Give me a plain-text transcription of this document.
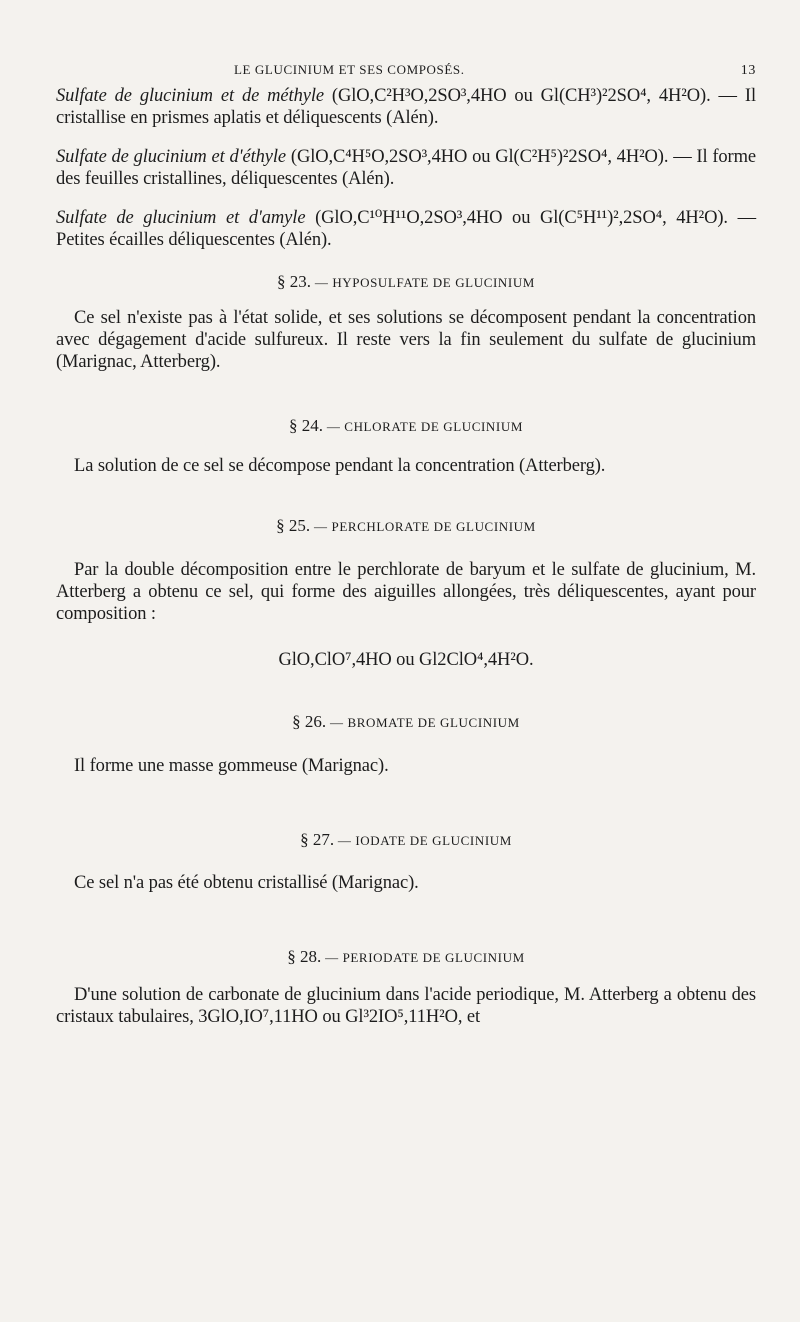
LE GLUCINIUM ET SES COMPOSÉS.	13

Sulfate de glucinium et de méthyle (GlO,C²H³O,2SO³,4HO ou Gl(CH³)²2SO⁴, 4H²O). — Il cristallise en prismes aplatis et déliquescents (Alén).

Sulfate de glucinium et d'éthyle (GlO,C⁴H⁵O,2SO³,4HO ou Gl(C²H⁵)²2SO⁴, 4H²O). — Il forme des feuilles cristallines, déliquescentes (Alén).

Sulfate de glucinium et d'amyle (GlO,C¹⁰H¹¹O,2SO³,4HO ou Gl(C⁵H¹¹)²,2SO⁴, 4H²O). — Petites écailles déliquescentes (Alén).

§ 23. — HYPOSULFATE DE GLUCINIUM

Ce sel n'existe pas à l'état solide, et ses solutions se décomposent pendant la concentration avec dégagement d'acide sulfureux. Il reste vers la fin seulement du sulfate de glucinium (Marignac, Atterberg).

§ 24. — CHLORATE DE GLUCINIUM

La solution de ce sel se décompose pendant la concentration (Atterberg).

§ 25. — PERCHLORATE DE GLUCINIUM

Par la double décomposition entre le perchlorate de baryum et le sulfate de glucinium, M. Atterberg a obtenu ce sel, qui forme des aiguilles allongées, très déliquescentes, ayant pour composition :

GlO,ClO⁷,4HO ou Gl2ClO⁴,4H²O.

§ 26. — BROMATE DE GLUCINIUM

Il forme une masse gommeuse (Marignac).

§ 27. — IODATE DE GLUCINIUM

Ce sel n'a pas été obtenu cristallisé (Marignac).

§ 28. — PERIODATE DE GLUCINIUM

D'une solution de carbonate de glucinium dans l'acide periodique, M. Atterberg a obtenu des cristaux tabulaires, 3GlO,IO⁷,11HO ou Gl³2IO⁵,11H²O, et
